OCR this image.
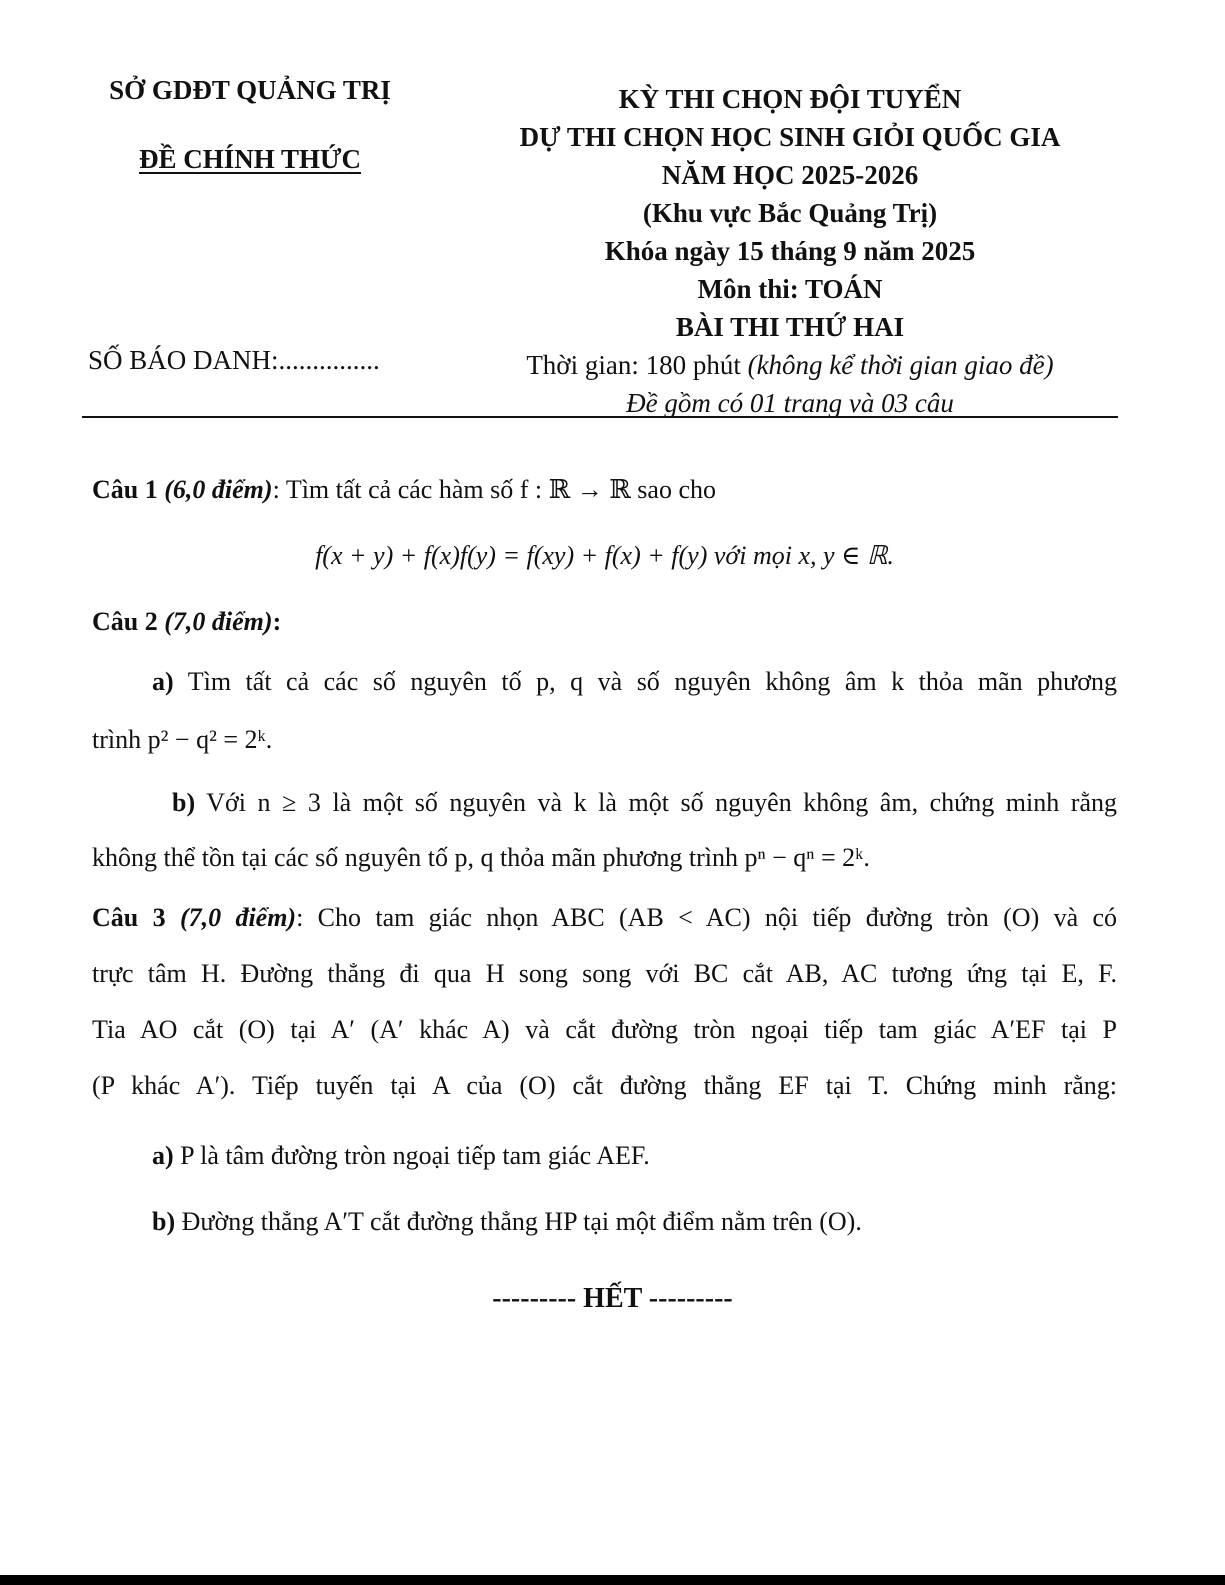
SỞ GDĐT QUẢNG TRỊ
ĐỀ CHÍNH THỨC
SỐ BÁO DANH:...............
KỲ THI CHỌN ĐỘI TUYỂN
DỰ THI CHỌN HỌC SINH GIỎI QUỐC GIA
NĂM HỌC 2025-2026
(Khu vực Bắc Quảng Trị)
Khóa ngày 15 tháng 9 năm 2025
Môn thi: TOÁN
BÀI THI THỨ HAI
Thời gian: 180 phút (không kể thời gian giao đề)
Đề gồm có 01 trang và 03 câu
Câu 1 (6,0 điểm): Tìm tất cả các hàm số f : ℝ → ℝ sao cho
f(x + y) + f(x)f(y) = f(xy) + f(x) + f(y) với mọi x, y ∈ ℝ.
Câu 2 (7,0 điểm):
a) Tìm tất cả các số nguyên tố p, q và số nguyên không âm k thỏa mãn phương
trình p² − q² = 2ᵏ.
b) Với n ≥ 3 là một số nguyên và k là một số nguyên không âm, chứng minh rằng
không thể tồn tại các số nguyên tố p, q thỏa mãn phương trình pⁿ − qⁿ = 2ᵏ.
Câu 3 (7,0 điểm): Cho tam giác nhọn ABC (AB < AC) nội tiếp đường tròn (O) và có
trực tâm H. Đường thẳng đi qua H song song với BC cắt AB, AC tương ứng tại E, F.
Tia AO cắt (O) tại A′ (A′ khác A) và cắt đường tròn ngoại tiếp tam giác A′EF tại P
(P khác A′). Tiếp tuyến tại A của (O) cắt đường thẳng EF tại T. Chứng minh rằng:
a) P là tâm đường tròn ngoại tiếp tam giác AEF.
b) Đường thẳng A′T cắt đường thẳng HP tại một điểm nằm trên (O).
--------- HẾT ---------
